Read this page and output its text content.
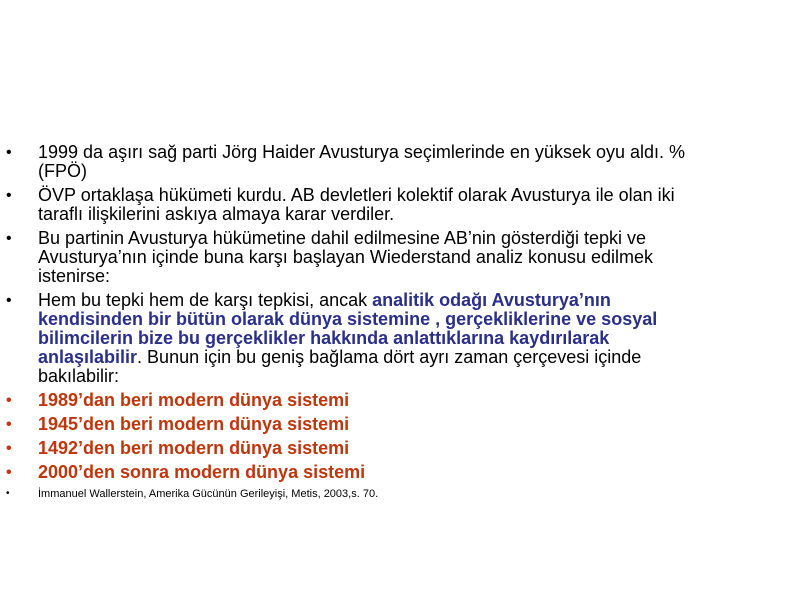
•	1999 da aşırı sağ parti Jörg Haider Avusturya seçimlerinde en yüksek oyu aldı. % (FPÖ)
•	ÖVP ortaklaşa hükümeti kurdu. AB devletleri kolektif olarak Avusturya ile olan iki taraflı ilişkilerini askıya almaya karar verdiler.
•	Bu partinin Avusturya hükümetine dahil edilmesine AB’nin gösterdiği tepki ve Avusturya’nın içinde buna karşı başlayan Wiederstand analiz konusu edilmek istenirse:
•	Hem bu tepki hem de karşı tepkisi, ancak analitik odağı Avusturya’nın kendisinden bir bütün olarak dünya sistemine , gerçekliklerine ve sosyal bilimcilerin bize bu gerçeklikler hakkında anlattıklarına kaydırılarak anlaşılabilir. Bunun için bu geniş bağlama dört ayrı zaman çerçevesi içinde bakılabilir:
•	1989’dan beri modern dünya sistemi
•	1945’den beri modern dünya sistemi
•	1492’den beri modern dünya sistemi
•	2000’den sonra modern dünya sistemi
•	İmmanuel Wallerstein, Amerika Gücünün Gerileyişi, Metis, 2003,s. 70.
